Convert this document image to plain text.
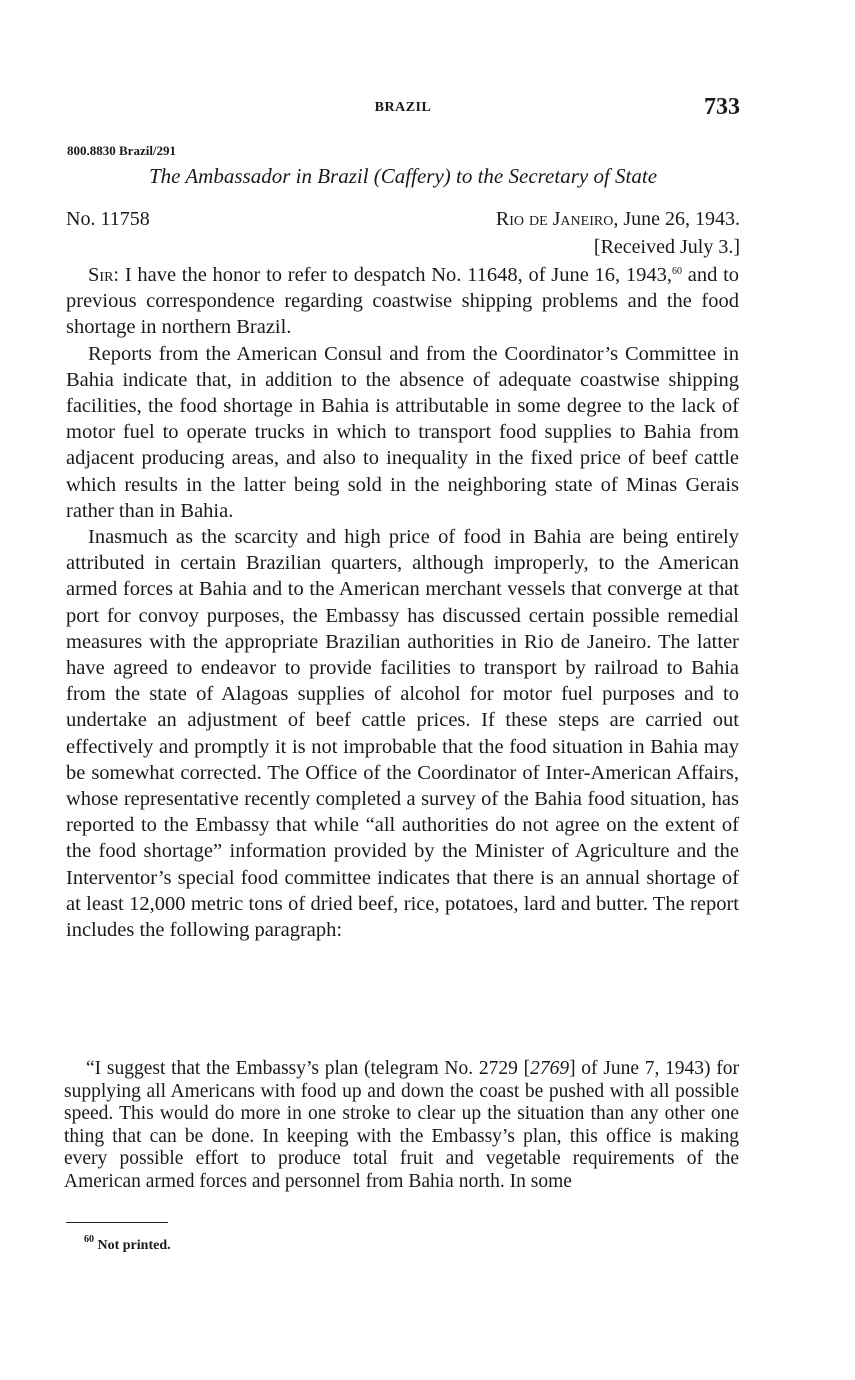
BRAZIL	733
800.8830 Brazil/291
The Ambassador in Brazil (Caffery) to the Secretary of State
No. 11758	Rio de Janeiro, June 26, 1943.
[Received July 3.]

Sir: I have the honor to refer to despatch No. 11648, of June 16, 1943,60 and to previous correspondence regarding coastwise shipping problems and the food shortage in northern Brazil.

Reports from the American Consul and from the Coordinator’s Committee in Bahia indicate that, in addition to the absence of adequate coastwise shipping facilities, the food shortage in Bahia is attributable in some degree to the lack of motor fuel to operate trucks in which to transport food supplies to Bahia from adjacent producing areas, and also to inequality in the fixed price of beef cattle which results in the latter being sold in the neighboring state of Minas Gerais rather than in Bahia.

Inasmuch as the scarcity and high price of food in Bahia are being entirely attributed in certain Brazilian quarters, although improperly, to the American armed forces at Bahia and to the American merchant vessels that converge at that port for convoy purposes, the Embassy has discussed certain possible remedial measures with the appropriate Brazilian authorities in Rio de Janeiro. The latter have agreed to endeavor to provide facilities to transport by railroad to Bahia from the state of Alagoas supplies of alcohol for motor fuel purposes and to undertake an adjustment of beef cattle prices. If these steps are carried out effectively and promptly it is not improbable that the food situation in Bahia may be somewhat corrected. The Office of the Coordinator of Inter-American Affairs, whose representative recently completed a survey of the Bahia food situation, has reported to the Embassy that while “all authorities do not agree on the extent of the food shortage” information provided by the Minister of Agriculture and the Interventor’s special food committee indicates that there is an annual shortage of at least 12,000 metric tons of dried beef, rice, potatoes, lard and butter. The report includes the following paragraph:

“I suggest that the Embassy’s plan (telegram No. 2729 [2769] of June 7, 1943) for supplying all Americans with food up and down the coast be pushed with all possible speed. This would do more in one stroke to clear up the situation than any other one thing that can be done. In keeping with the Embassy’s plan, this office is making every possible effort to produce total fruit and vegetable requirements of the American armed forces and personnel from Bahia north. In some

$^{60}$ Not printed.
